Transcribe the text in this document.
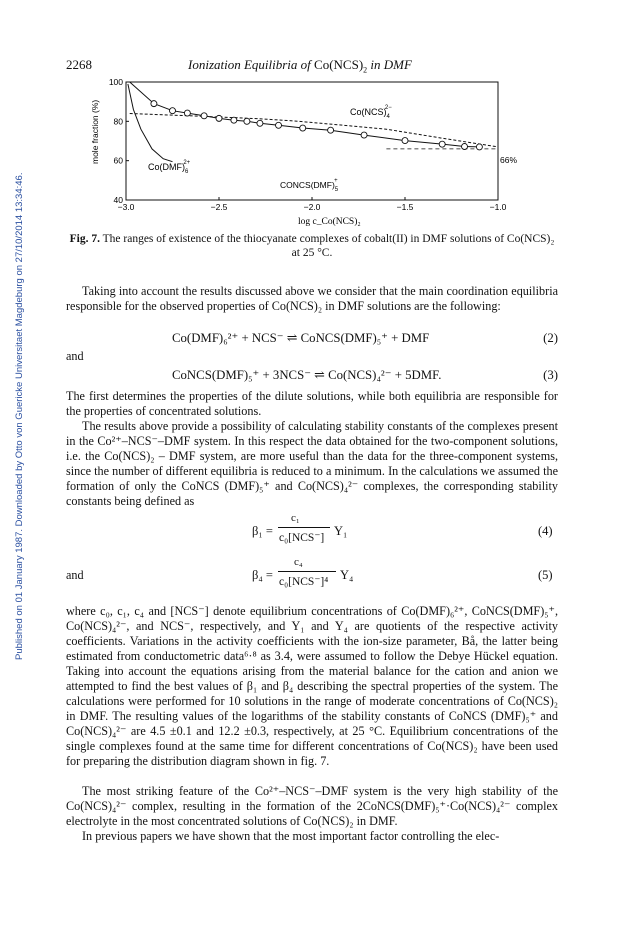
Published on 01 January 1987. Downloaded by Otto von Guericke Universitaet Magdeburg on 27/10/2014 13:34:46.
2268	Ionization Equilibria of $Co(NCS)_2$ in DMF
−3.0	−2.5	−2.0	−1.5	−1.0
40
60
80
100
mole fraction (%)
log c_Co(NCS)₂
$Co(NCS)_42-$
$Co(DMF)_62+$
$CONCS(DMF)_5+$
66%
Fig. 7. The ranges of existence of the thiocyanate complexes of cobalt(II) in DMF solutions of Co(NCS)₂ at 25 °C.
Taking into account the results discussed above we consider that the main coordination equilibria responsible for the observed properties of Co(NCS)₂ in DMF solutions are the following:
Co(DMF)₆²⁺ + NCS⁻ ⇌ CoNCS(DMF)₅⁺ + DMF	(2)
and
CoNCS(DMF)₅⁺ + 3NCS⁻ ⇌ Co(NCS)₄²⁻ + 5DMF.	(3)
The first determines the properties of the dilute solutions, while both equilibria are responsible for the properties of concentrated solutions.
The results above provide a possibility of calculating stability constants of the complexes present in the Co²⁺–NCS⁻–DMF system. In this respect the data obtained for the two-component solutions, i.e. the Co(NCS)₂ – DMF system, are more useful than the data for the three-component systems, since the number of different equilibria is reduced to a minimum. In the calculations we assumed the formation of only the CoNCS (DMF)₅⁺ and Co(NCS)₄²⁻ complexes, the corresponding stability constants being defined as
β₁ =
c₁
c₀[NCS⁻] Y₁	(4)
and	β₄ =
c₄
c₀[NCS⁻]⁴ Y₄	(5)
where c₀, c₁, c₄ and [NCS⁻] denote equilibrium concentrations of Co(DMF)₆²⁺, CoNCS(DMF)₅⁺, Co(NCS)₄²⁻, and NCS⁻, respectively, and Y₁ and Y₄ are quotients of the respective activity coefficients. Variations in the activity coefficients with the ion-size parameter, Bå, the latter being estimated from conductometric data⁶·⁸ as 3.4, were assumed to follow the Debye Hückel equation. Taking into account the equations arising from the material balance for the cation and anion we attempted to find the best values of β₁ and β₄ describing the spectral properties of the system. The calculations were performed for 10 solutions in the range of moderate concentrations of Co(NCS)₂ in DMF. The resulting values of the logarithms of the stability constants of CoNCS (DMF)₅⁺ and Co(NCS)₄²⁻ are 4.5 ±0.1 and 12.2 ±0.3, respectively, at 25 °C. Equilibrium concentrations of the single complexes found at the same time for different concentrations of Co(NCS)₂ have been used for preparing the distribution diagram shown in fig. 7.
The most striking feature of the Co²⁺–NCS⁻–DMF system is the very high stability of the Co(NCS)₄²⁻ complex, resulting in the formation of the 2CoNCS(DMF)₅⁺·Co(NCS)₄²⁻ complex electrolyte in the most concentrated solutions of Co(NCS)₂ in DMF.
In previous papers we have shown that the most important factor controlling the elec-
